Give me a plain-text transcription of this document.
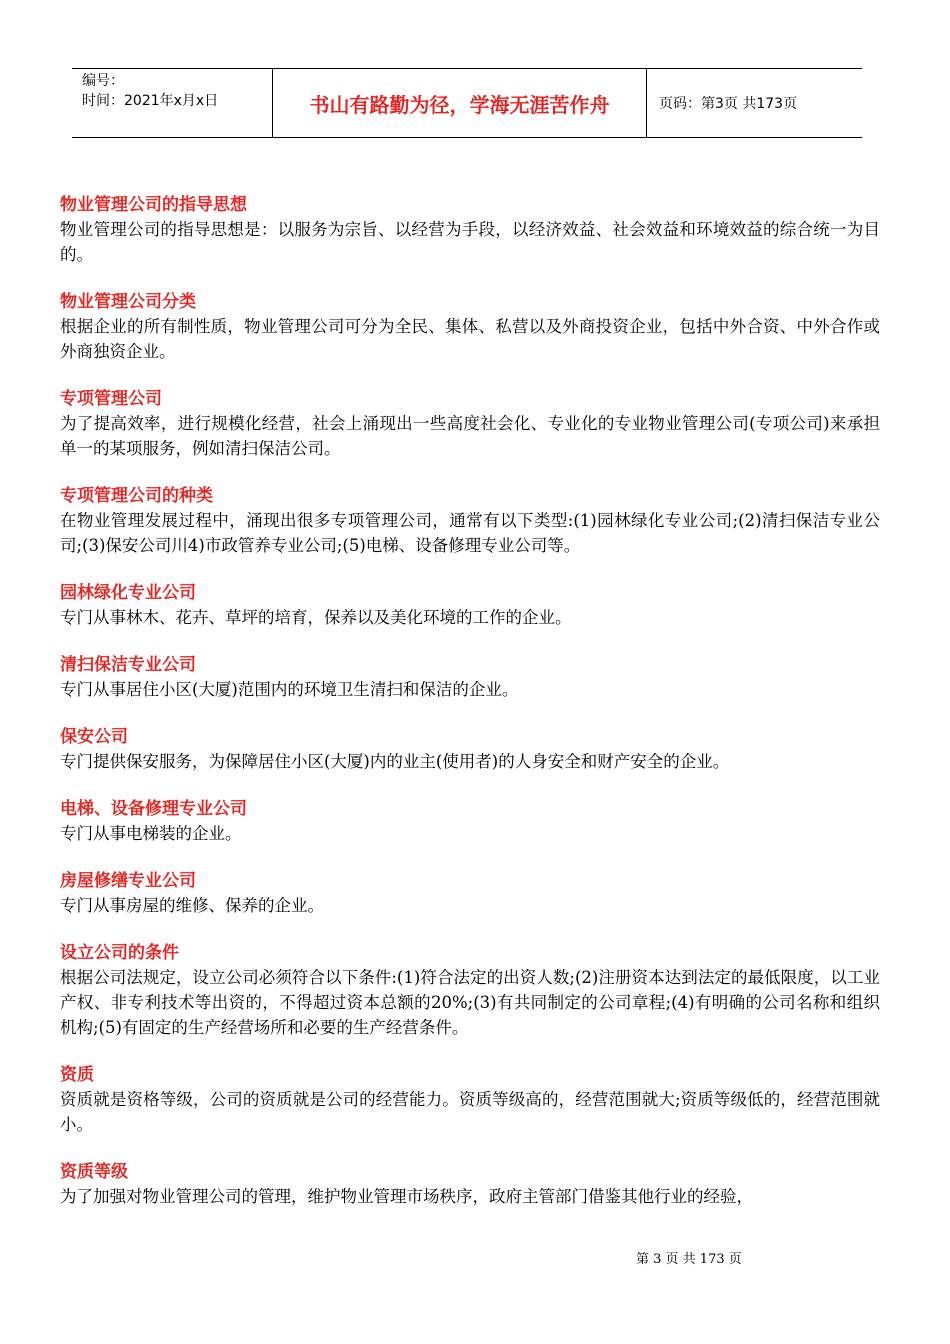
编号：
时间：2021年x月x日	书山有路勤为径，学海无涯苦作舟	页码：第3页 共173页
物业管理公司的指导思想

物业管理公司的指导思想是：以服务为宗旨、以经营为手段，以经济效益、社会效益和环境效益的综合统一为目的。

物业管理公司分类

根据企业的所有制性质，物业管理公司可分为全民、集体、私营以及外商投资企业，包括中外合资、中外合作或外商独资企业。

专项管理公司

为了提高效率，进行规模化经营，社会上涌现出一些高度社会化、专业化的专业物业管理公司(专项公司)来承担单一的某项服务，例如清扫保洁公司。

专项管理公司的种类

在物业管理发展过程中，涌现出很多专项管理公司，通常有以下类型:(1)园林绿化专业公司;(2)清扫保洁专业公司;(3)保安公司川4)市政管养专业公司;(5)电梯、设备修理专业公司等。

园林绿化专业公司

专门从事林木、花卉、草坪的培育，保养以及美化环境的工作的企业。

清扫保洁专业公司

专门从事居住小区(大厦)范围内的环境卫生清扫和保洁的企业。

保安公司

专门提供保安服务，为保障居住小区(大厦)内的业主(使用者)的人身安全和财产安全的企业。

电梯、设备修理专业公司

专门从事电梯装的企业。

房屋修缮专业公司

专门从事房屋的维修、保养的企业。

设立公司的条件

根据公司法规定，设立公司必须符合以下条件:(1)符合法定的出资人数;(2)注册资本达到法定的最低限度，以工业产权、非专利技术等出资的，不得超过资本总额的20%;(3)有共同制定的公司章程;(4)有明确的公司名称和组织机构;(5)有固定的生产经营场所和必要的生产经营条件。

资质

资质就是资格等级，公司的资质就是公司的经营能力。资质等级高的，经营范围就大;资质等级低的，经营范围就小。

资质等级

为了加强对物业管理公司的管理，维护物业管理市场秩序，政府主管部门借鉴其他行业的经验，

第 3 页 共 173 页
